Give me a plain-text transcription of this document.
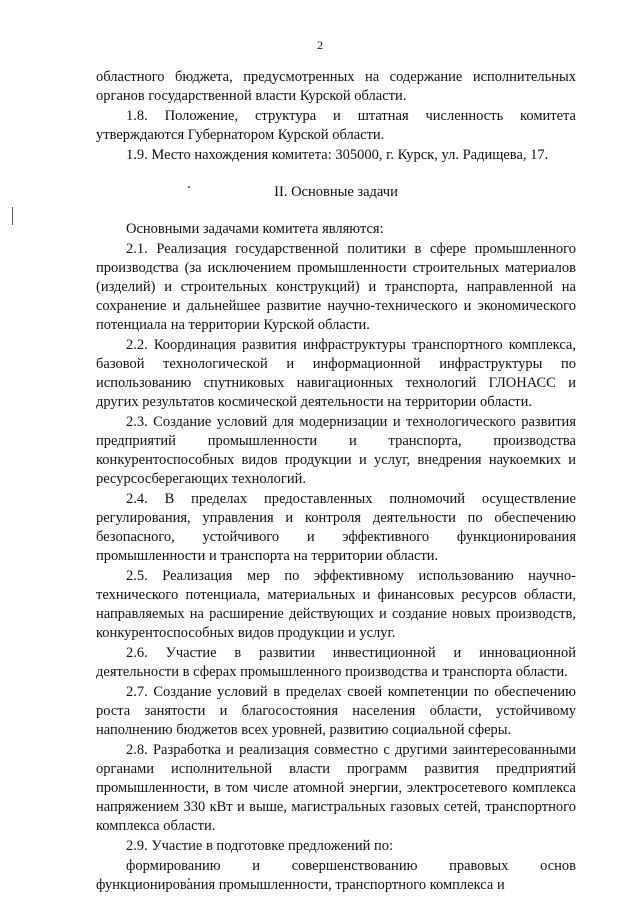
2

областного бюджета, предусмотренных на содержание исполнительных органов государственной власти Курской области.

1.8. Положение, структура и штатная численность комитета утверждаются Губернатором Курской области.

1.9. Место нахождения комитета: 305000, г. Курск, ул. Радищева, 17.

II. Основные задачи

Основными задачами комитета являются:

2.1. Реализация государственной политики в сфере промышленного производства (за исключением промышленности строительных материалов (изделий) и строительных конструкций) и транспорта, направленной на сохранение и дальнейшее развитие научно-технического и экономического потенциала на территории Курской области.

2.2. Координация развития инфраструктуры транспортного комплекса, базовой технологической и информационной инфраструктуры по использованию спутниковых навигационных технологий ГЛОНАСС и других результатов космической деятельности на территории области.

2.3. Создание условий для модернизации и технологического развития предприятий промышленности и транспорта, производства конкурентоспособных видов продукции и услуг, внедрения наукоемких и ресурсосберегающих технологий.

2.4. В пределах предоставленных полномочий осуществление регулирования, управления и контроля деятельности по обеспечению безопасного, устойчивого и эффективного функционирования промышленности и транспорта на территории области.

2.5. Реализация мер по эффективному использованию научно-технического потенциала, материальных и финансовых ресурсов области, направляемых на расширение действующих и создание новых производств, конкурентоспособных видов продукции и услуг.

2.6. Участие в развитии инвестиционной и инновационной деятельности в сферах промышленного производства и транспорта области.

2.7. Создание условий в пределах своей компетенции по обеспечению роста занятости и благосостояния населения области, устойчивому наполнению бюджетов всех уровней, развитию социальной сферы.

2.8. Разработка и реализация совместно с другими заинтересованными органами исполнительной власти программ развития предприятий промышленности, в том числе атомной энергии, электросетевого комплекса напряжением 330 кВт и выше, магистральных газовых сетей, транспортного комплекса области.

2.9. Участие в подготовке предложений по:

формированию и совершенствованию правовых основ функционирования промышленности, транспортного комплекса и
